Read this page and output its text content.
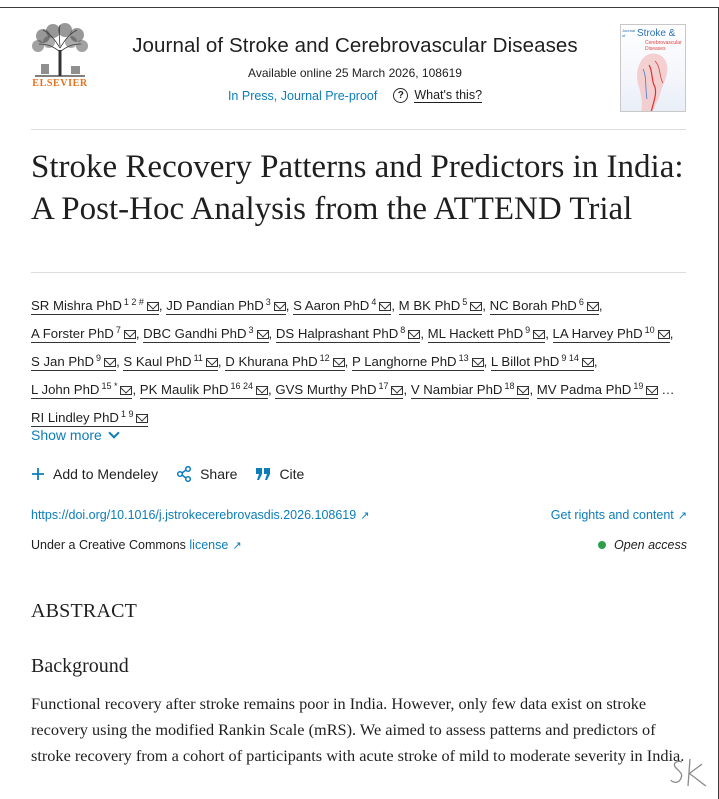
ELSEVIER
Journal of Stroke and Cerebrovascular Diseases
Available online 25 March 2026, 108619
In Press, Journal Pre-proof	? What's this?
Journal of	Stroke &
Cerebrovascular Diseases
Stroke Recovery Patterns and Predictors in India: A Post-Hoc Analysis from the ATTEND Trial
SR Mishra PhD $^{1 2 \#}$ , JD Pandian PhD $^3$ , S Aaron PhD $^4$ , M BK PhD $^5$ , NC Borah PhD $^6$ , A Forster PhD $^7$ , DBC Gandhi PhD $^3$ , DS Halprashant PhD $^8$ , ML Hackett PhD $^9$ , LA Harvey PhD $^{10}$ , S Jan PhD $^9$ , S Kaul PhD $^{11}$ , D Khurana PhD $^{12}$ , P Langhorne PhD $^{13}$ , L Billot PhD $^{9 14}$ , L John PhD $^{15 *}$ , PK Maulik PhD $^{16 24}$ , GVS Murthy PhD $^{17}$ , V Nambiar PhD $^{18}$ , MV Padma PhD $^{19}$ …RI Lindley PhD $^{1 9}$
Show more
Add to Mendeley	Share	Cite
https://doi.org/10.1016/j.jstrokecerebrovasdis.2026.108619 ↗	Get rights and content ↗
Under a Creative Commons license ↗	Open access
ABSTRACT
Background

Functional recovery after stroke remains poor in India. However, only few data exist on stroke recovery using the modified Rankin Scale (mRS). We aimed to assess patterns and predictors of stroke recovery from a cohort of participants with acute stroke of mild to moderate severity in India.
